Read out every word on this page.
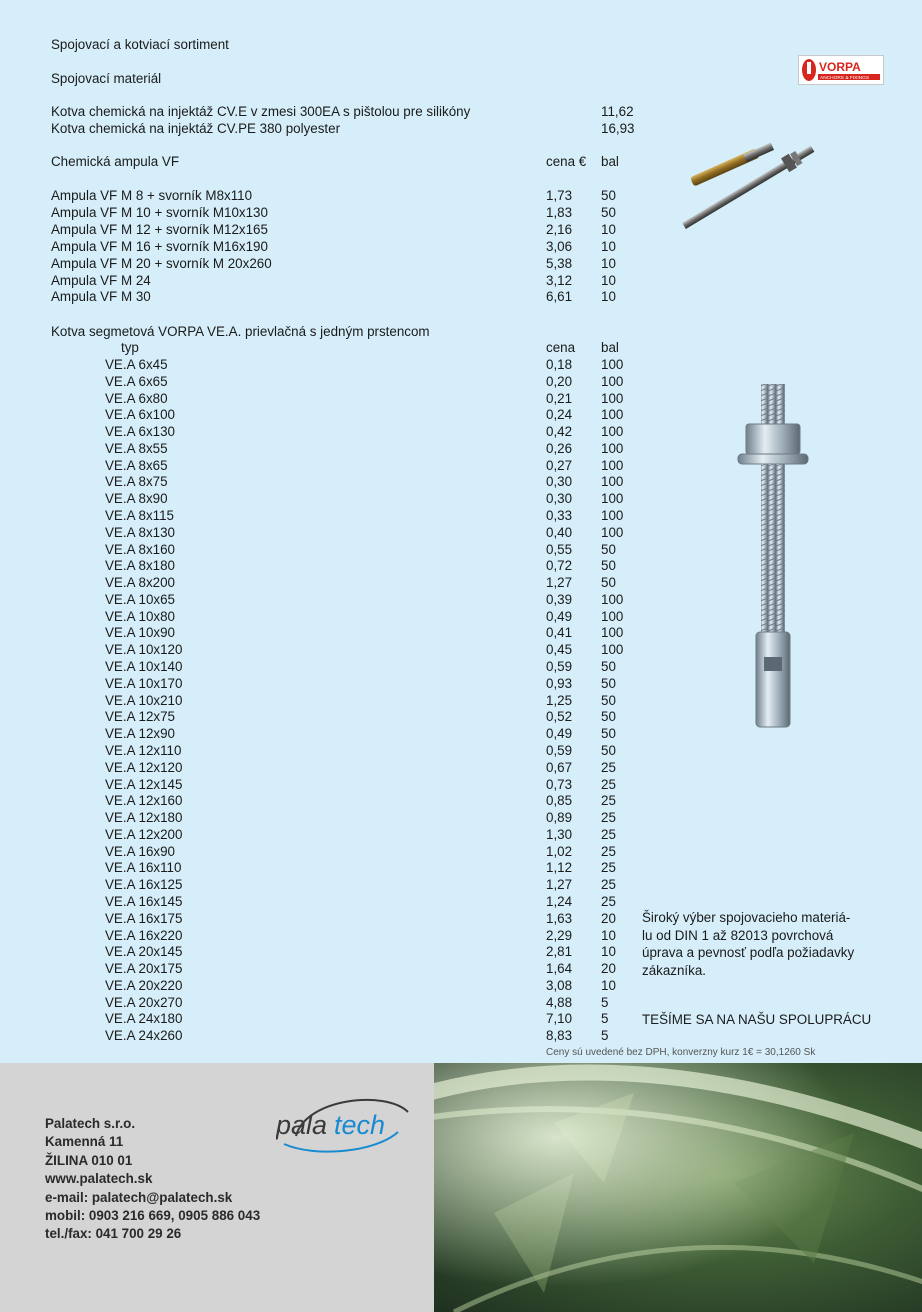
Spojovací a kotviací sortiment
Spojovací materiál
VORPA
ANCHORS & FIXINGS
Kotva chemická na injektáž CV.E v zmesi 300EA s pištolou pre silikóny	11,62
Kotva chemická na injektáž CV.PE 380 polyester	16,93
Chemická ampula VF	cena € bal
Ampula VF M 8 + svorník M8x110	1,73 50
Ampula VF M 10 + svorník M10x130	1,83 50
Ampula VF M 12 + svorník M12x165	2,16 10
Ampula VF M 16 + svorník M16x190	3,06 10
Ampula VF M 20 + svorník M 20x260	5,38 10
Ampula VF M 24	3,12 10
Ampula VF M 30	6,61 10
Kotva segmetová VORPA VE.A. prievlačná s jedným prstencom
typ	cena bal
VE.A 6x45	0,18 100
VE.A 6x65	0,20 100
VE.A 6x80	0,21 100
VE.A 6x100	0,24 100
VE.A 6x130	0,42 100
VE.A 8x55	0,26 100
VE.A 8x65	0,27 100
VE.A 8x75	0,30 100
VE.A 8x90	0,30 100
VE.A 8x115	0,33 100
VE.A 8x130	0,40 100
VE.A 8x160	0,55 50
VE.A 8x180	0,72 50
VE.A 8x200	1,27 50
VE.A 10x65	0,39 100
VE.A 10x80	0,49 100
VE.A 10x90	0,41 100
VE.A 10x120	0,45 100
VE.A 10x140	0,59 50
VE.A 10x170	0,93 50
VE.A 10x210	1,25 50
VE.A 12x75	0,52 50
VE.A 12x90	0,49 50
VE.A 12x110	0,59 50
VE.A 12x120	0,67 25
VE.A 12x145	0,73 25
VE.A 12x160	0,85 25
VE.A 12x180	0,89 25
VE.A 12x200	1,30 25
VE.A 16x90	1,02 25
VE.A 16x110	1,12 25
VE.A 16x125	1,27 25
VE.A 16x145	1,24 25
VE.A 16x175	1,63 20
VE.A 16x220	2,29 10
VE.A 20x145	2,81 10
VE.A 20x175	1,64 20
VE.A 20x220	3,08 10
VE.A 20x270	4,88 5
VE.A 24x180	7,10 5
VE.A 24x260	8,83 5
Široký výber spojovacieho materiá-
lu od DIN 1 až 82013 povrchová
úprava a pevnosť podľa požiadavky
zákazníka.
TEŠÍME SA NA NAŠU SPOLUPRÁCU
Ceny sú uvedené bez DPH, konverzny kurz 1€ = 30,1260 Sk
pala tech
Palatech s.r.o.
Kamenná 11
ŽILINA 010 01
www.palatech.sk
e-mail: palatech@palatech.sk
mobil: 0903 216 669, 0905 886 043
tel./fax: 041 700 29 26
